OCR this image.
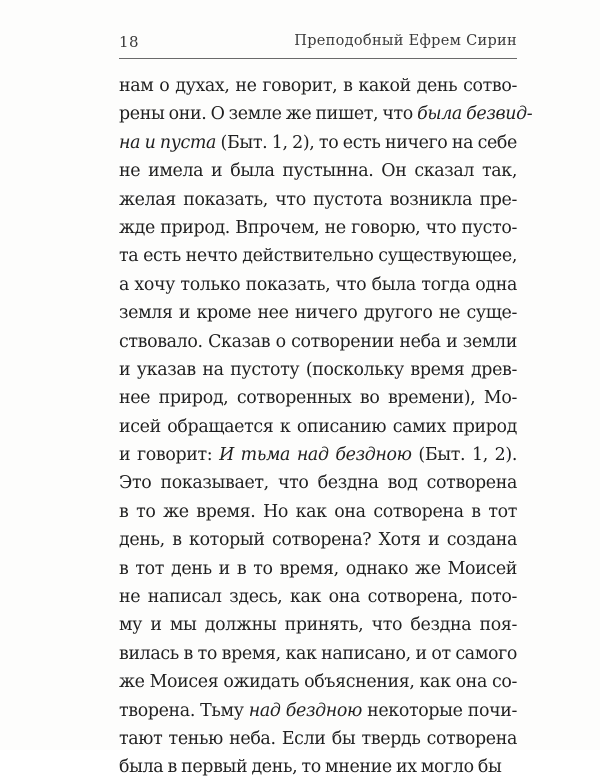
18	Преподобный Ефрем Сирин
нам о духах, не говорит, в какой день сотво-
рены они. О земле же пишет, что была безвид-
на и пуста (Быт. 1, 2), то есть ничего на себе
не имела и была пустынна. Он сказал так,
желая показать, что пустота возникла пре-
жде природ. Впрочем, не говорю, что пусто-
та есть нечто действительно существующее,
а хочу только показать, что была тогда одна
земля и кроме нее ничего другого не суще-
ствовало. Сказав о сотворении неба и земли
и указав на пустоту (поскольку время древ-
нее природ, сотворенных во времени), Мо-
исей обращается к описанию самих природ
и говорит: И тьма над бездною (Быт. 1, 2).
Это показывает, что бездна вод сотворена
в то же время. Но как она сотворена в тот
день, в который сотворена? Хотя и создана
в тот день и в то время, однако же Моисей
не написал здесь, как она сотворена, пото-
му и мы должны принять, что бездна поя-
вилась в то время, как написано, и от самого
же Моисея ожидать объяснения, как она со-
творена. Тьму над бездною некоторые почи-
тают тенью неба. Если бы твердь сотворена
была в первый день, то мнение их могло бы
